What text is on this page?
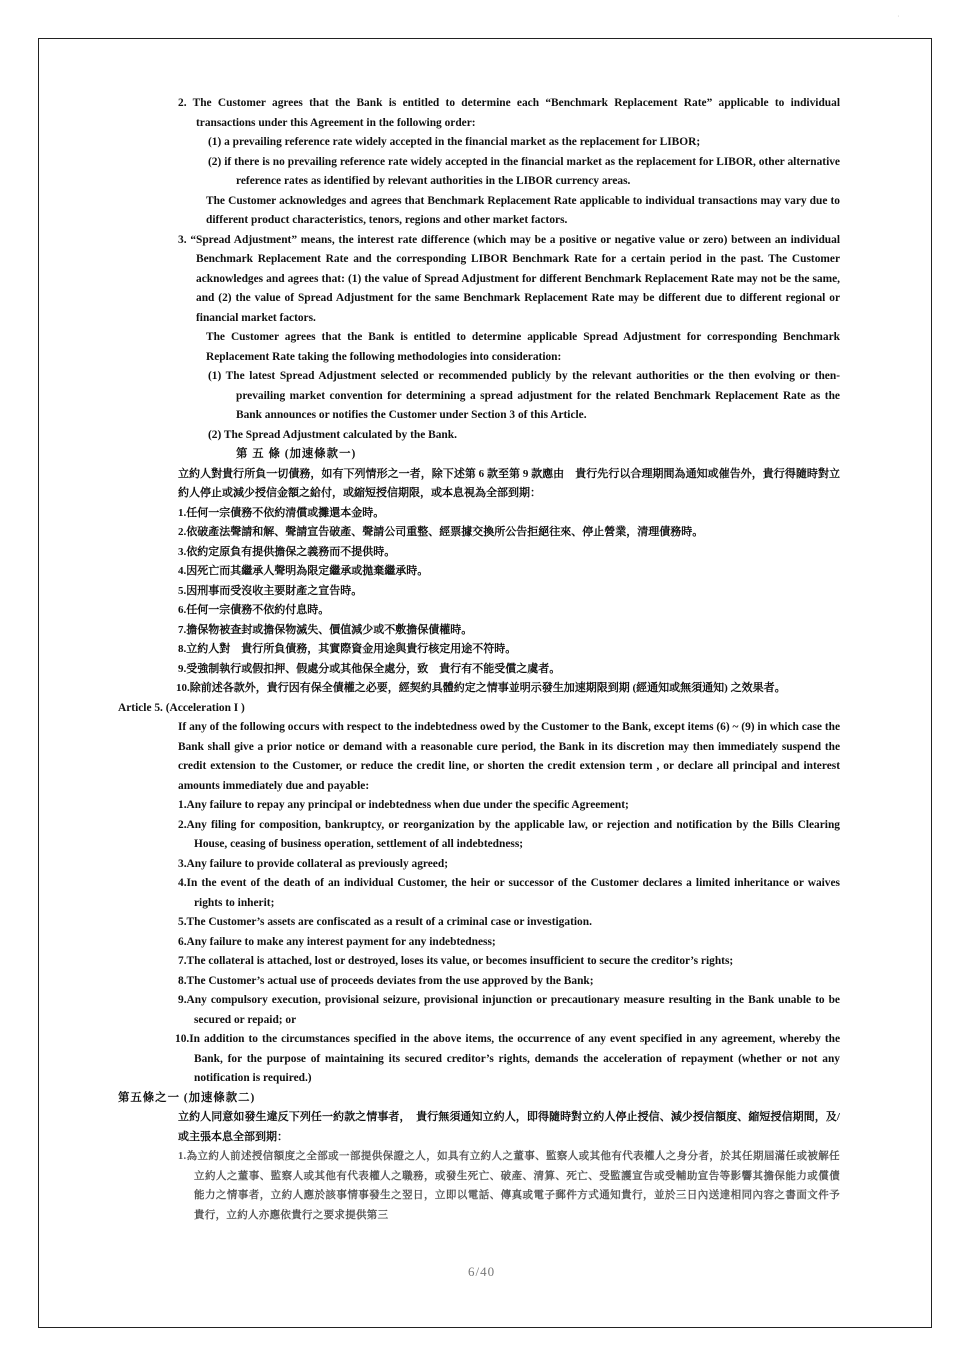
˙

2. The Customer agrees that the Bank is entitled to determine each “Benchmark Replacement Rate” applicable to individual transactions under this Agreement in the following order:

(1) a prevailing reference rate widely accepted in the financial market as the replacement for LIBOR;

(2) if there is no prevailing reference rate widely accepted in the financial market as the replacement for LIBOR, other alternative reference rates as identified by relevant authorities in the LIBOR currency areas.

The Customer acknowledges and agrees that Benchmark Replacement Rate applicable to individual transactions may vary due to different product characteristics, tenors, regions and other market factors.

3. “Spread Adjustment” means, the interest rate difference (which may be a positive or negative value or zero) between an individual Benchmark Replacement Rate and the corresponding LIBOR Benchmark Rate for a certain period in the past. The Customer acknowledges and agrees that: (1) the value of Spread Adjustment for different Benchmark Replacement Rate may not be the same, and (2) the value of Spread Adjustment for the same Benchmark Replacement Rate may be different due to different regional or financial market factors.

The Customer agrees that the Bank is entitled to determine applicable Spread Adjustment for corresponding Benchmark Replacement Rate taking the following methodologies into consideration:

(1) The latest Spread Adjustment selected or recommended publicly by the relevant authorities or the then evolving or then-prevailing market convention for determining a spread adjustment for the related Benchmark Replacement Rate as the Bank announces or notifies the Customer under Section 3 of this Article.

(2) The Spread Adjustment calculated by the Bank.

第 五 條 (加速條款一)

立約人對貴行所負一切債務，如有下列情形之一者，除下述第 6 款至第 9 款應由　貴行先行以合理期間為通知或催告外，貴行得隨時對立約人停止或減少授信金額之給付，或縮短授信期限，或本息視為全部到期：

1.任何一宗債務不依約清償或攤還本金時。

2.依破產法聲請和解、聲請宣告破產、聲請公司重整、經票據交換所公告拒絕往來、停止營業，清理債務時。

3.依約定原負有提供擔保之義務而不提供時。

4.因死亡而其繼承人聲明為限定繼承或拋棄繼承時。

5.因刑事而受沒收主要財產之宣告時。

6.任何一宗債務不依約付息時。

7.擔保物被查封或擔保物滅失、價值減少或不敷擔保債權時。

8.立約人對　貴行所負債務，其實際資金用途與貴行核定用途不符時。

9.受強制執行或假扣押、假處分或其他保全處分，致　貴行有不能受償之虞者。

10.除前述各款外，貴行因有保全債權之必要，經契約具體約定之情事並明示發生加速期限到期 (經通知或無須通知) 之效果者。

Article 5. (Acceleration I )

If any of the following occurs with respect to the indebtedness owed by the Customer to the Bank, except items (6) ~ (9) in which case the Bank shall give a prior notice or demand with a reasonable cure period, the Bank in its discretion may then immediately suspend the credit extension to the Customer, or reduce the credit line, or shorten the credit extension term , or declare all principal and interest amounts immediately due and payable:

1.Any failure to repay any principal or indebtedness when due under the specific Agreement;

2.Any filing for composition, bankruptcy, or reorganization by the applicable law, or rejection and notification by the Bills Clearing House, ceasing of business operation, settlement of all indebtedness;

3.Any failure to provide collateral as previously agreed;

4.In the event of the death of an individual Customer, the heir or successor of the Customer declares a limited inheritance or waives rights to inherit;

5.The Customer’s assets are confiscated as a result of a criminal case or investigation.

6.Any failure to make any interest payment for any indebtedness;

7.The collateral is attached, lost or destroyed, loses its value, or becomes insufficient to secure the creditor’s rights;

8.The Customer’s actual use of proceeds deviates from the use approved by the Bank;

9.Any compulsory execution, provisional seizure, provisional injunction or precautionary measure resulting in the Bank unable to be secured or repaid; or

10.In addition to the circumstances specified in the above items, the occurrence of any event specified in any agreement, whereby the Bank, for the purpose of maintaining its secured creditor’s rights, demands the acceleration of repayment (whether or not any notification is required.)

第五條之一 (加速條款二)

立約人同意如發生違反下列任一約款之情事者，　貴行無須通知立約人，即得隨時對立約人停止授信、減少授信額度、縮短授信期間，及/或主張本息全部到期：

1.為立約人前述授信額度之全部或一部提供保證之人，如具有立約人之董事、監察人或其他有代表權人之身分者，於其任期屆滿任或被解任立約人之董事、監察人或其他有代表權人之職務，或發生死亡、破產、清算、死亡、受監護宣告或受輔助宣告等影響其擔保能力或償債能力之情事者，立約人應於該事情事發生之翌日，立即以電話、傳真或電子郵件方式通知貴行，並於三日內送達相同內容之書面文件予貴行，立約人亦應依貴行之要求提供第三

6/40
